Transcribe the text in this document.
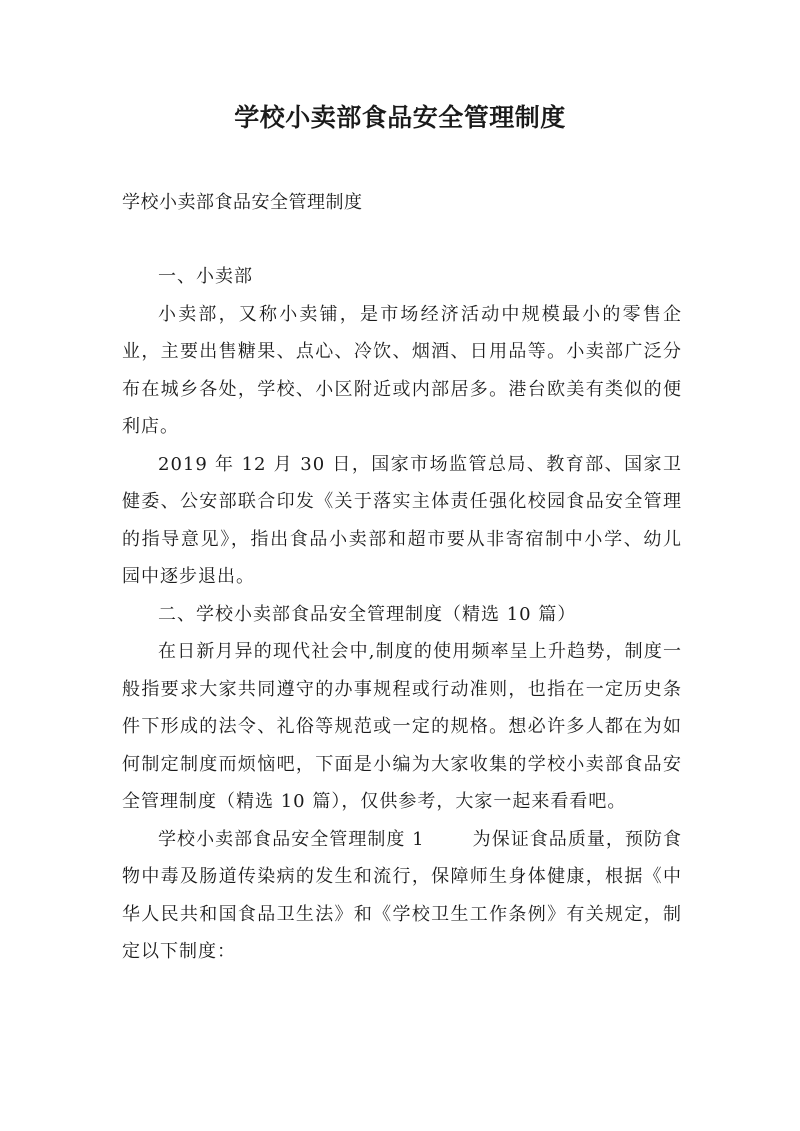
学校小卖部食品安全管理制度

学校小卖部食品安全管理制度

一、小卖部

小卖部，又称小卖铺，是市场经济活动中规模最小的零售企业，主要出售糖果、点心、冷饮、烟酒、日用品等。小卖部广泛分布在城乡各处，学校、小区附近或内部居多。港台欧美有类似的便利店。

2019 年 12 月 30 日，国家市场监管总局、教育部、国家卫健委、公安部联合印发《关于落实主体责任强化校园食品安全管理的指导意见》，指出食品小卖部和超市要从非寄宿制中小学、幼儿园中逐步退出。

二、学校小卖部食品安全管理制度（精选 10 篇）

在日新月异的现代社会中,制度的使用频率呈上升趋势，制度一般指要求大家共同遵守的办事规程或行动准则，也指在一定历史条件下形成的法令、礼俗等规范或一定的规格。想必许多人都在为如何制定制度而烦恼吧，下面是小编为大家收集的学校小卖部食品安全管理制度（精选 10 篇），仅供参考，大家一起来看看吧。

学校小卖部食品安全管理制度 1	为保证食品质量，预防食物中毒及肠道传染病的发生和流行，保障师生身体健康，根据《中华人民共和国食品卫生法》和《学校卫生工作条例》有关规定，制定以下制度：
